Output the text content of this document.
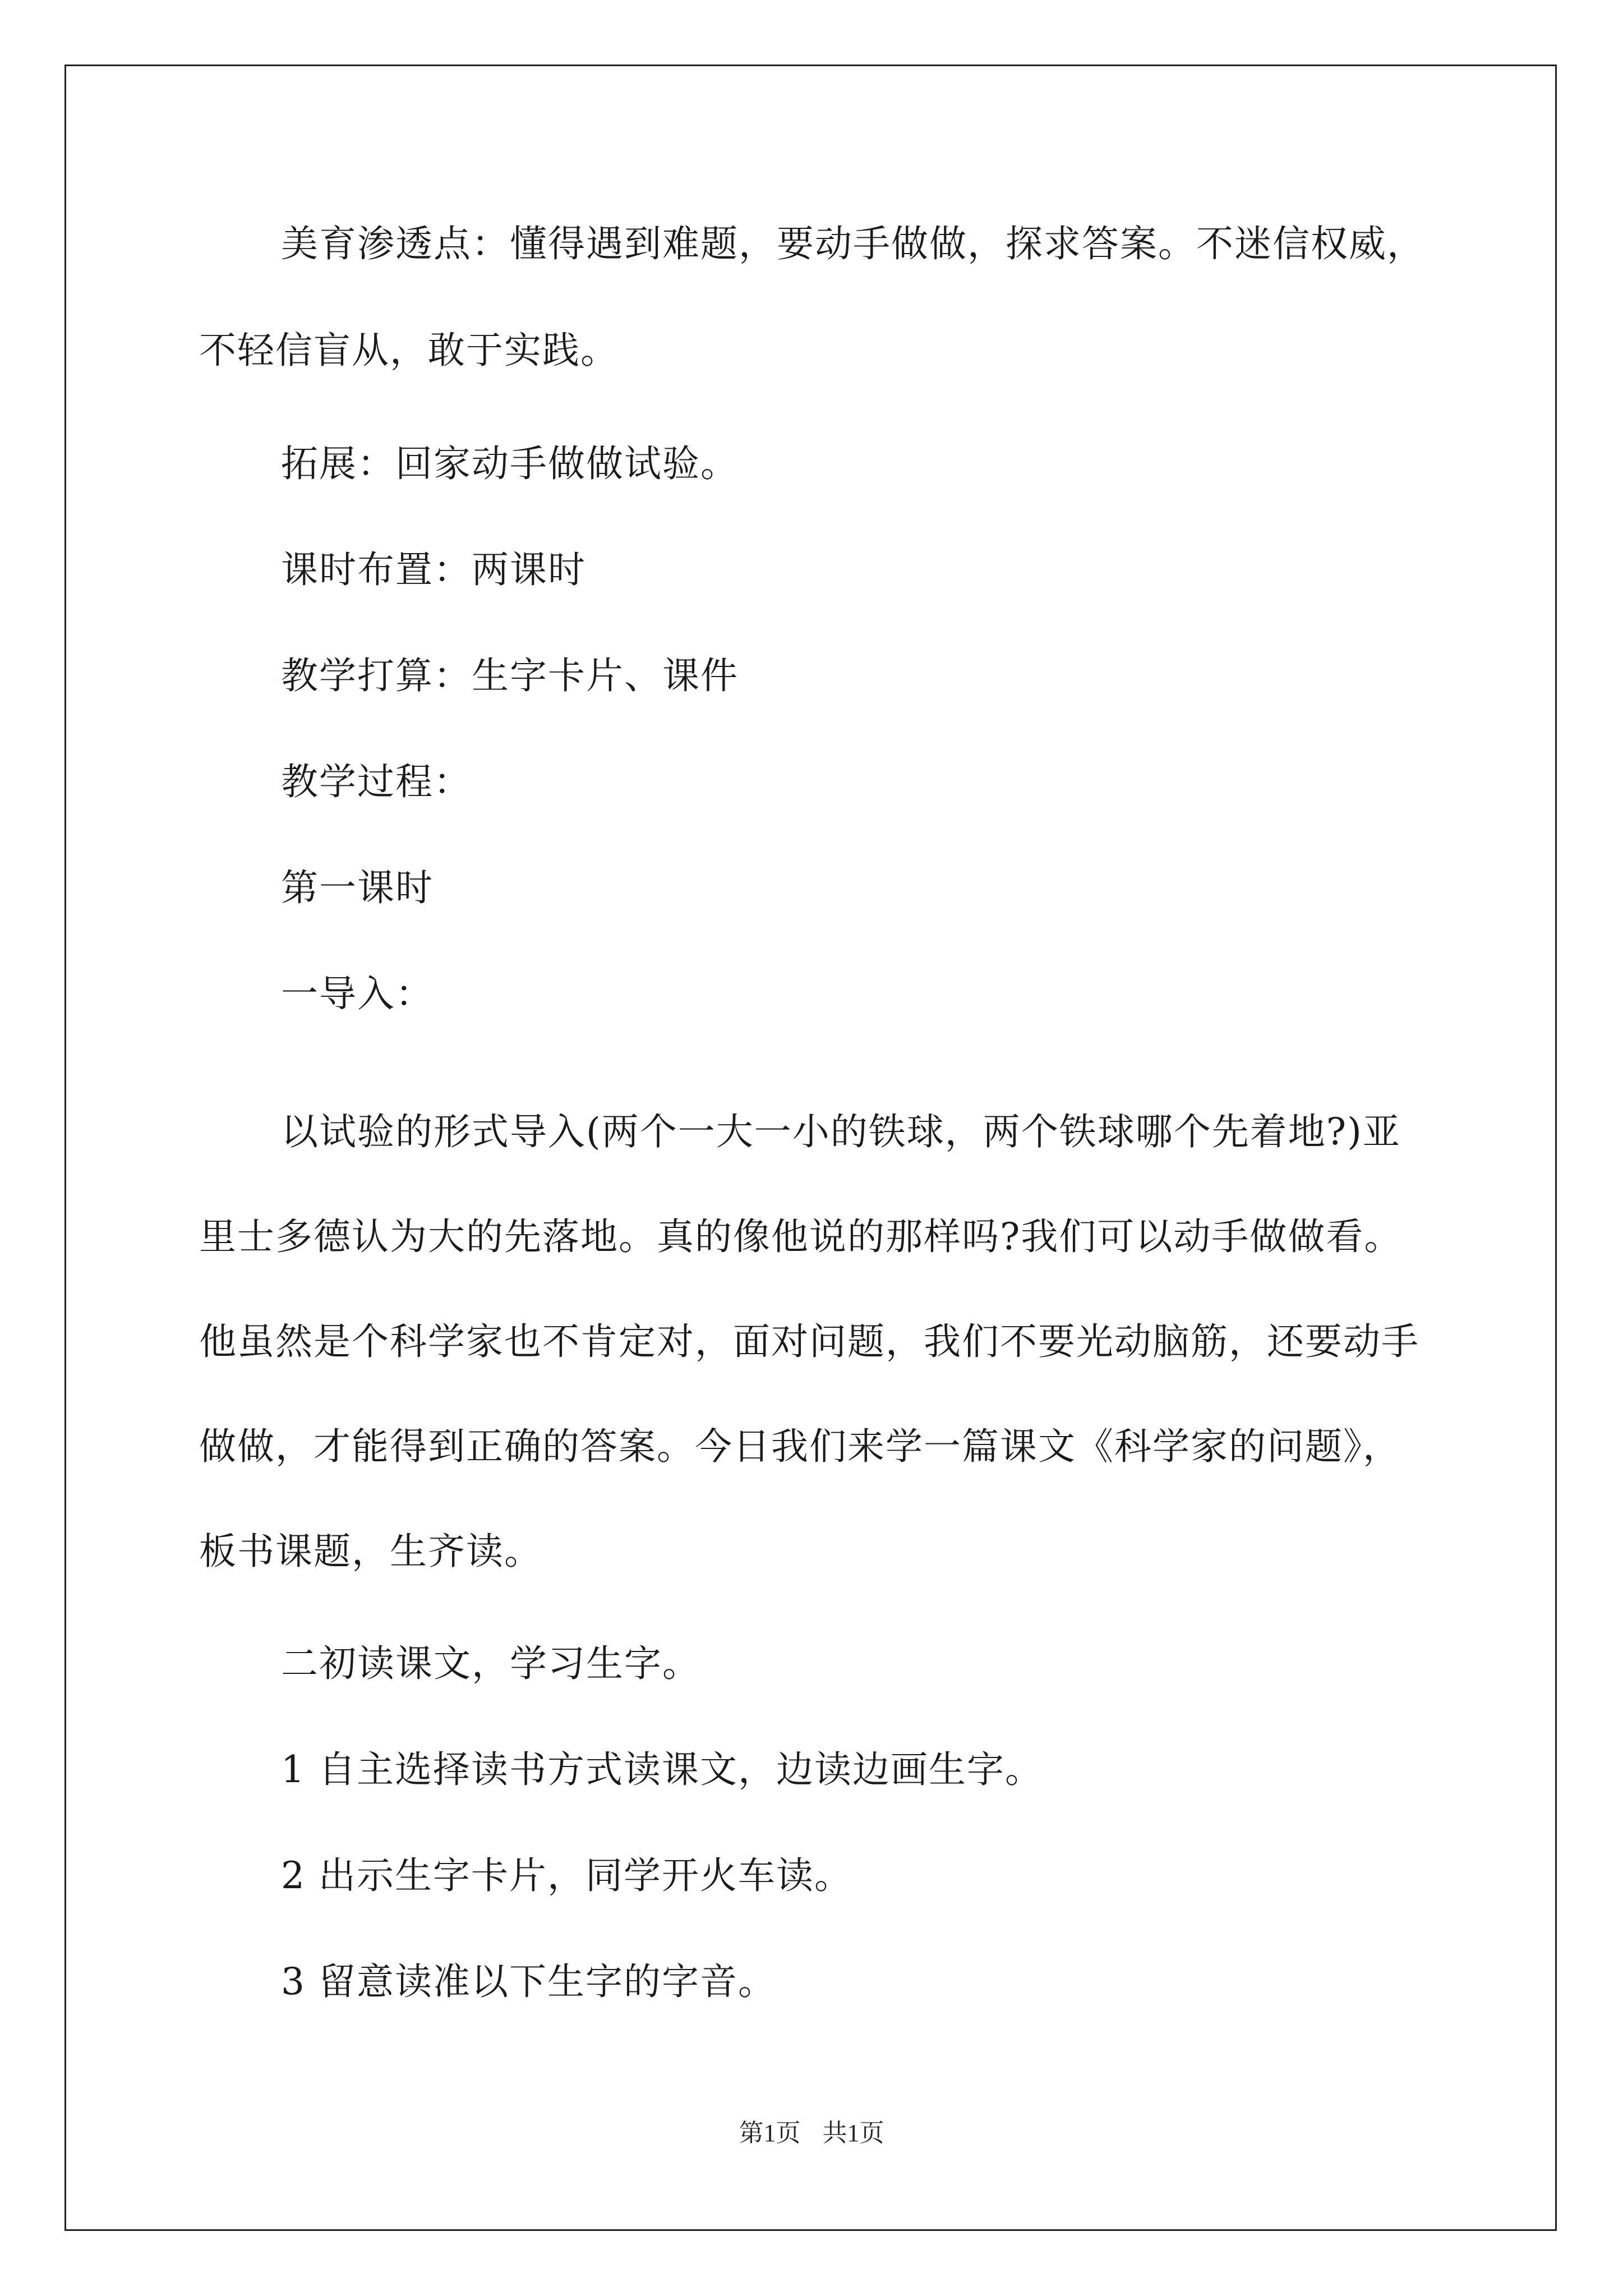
美育渗透点：懂得遇到难题，要动手做做，探求答案。不迷信权威，不轻信盲从，敢于实践。

拓展：回家动手做做试验。

课时布置：两课时

教学打算：生字卡片、课件

教学过程：

第一课时

一导入：

以试验的形式导入(两个一大一小的铁球，两个铁球哪个先着地?)亚里士多德认为大的先落地。真的像他说的那样吗?我们可以动手做做看。他虽然是个科学家也不肯定对，面对问题，我们不要光动脑筋，还要动手做做，才能得到正确的答案。今日我们来学一篇课文《科学家的问题》，板书课题，生齐读。

二初读课文，学习生字。

1 自主选择读书方式读课文，边读边画生字。

2 出示生字卡片，同学开火车读。

3 留意读准以下生字的字音。

第1页 共1页
